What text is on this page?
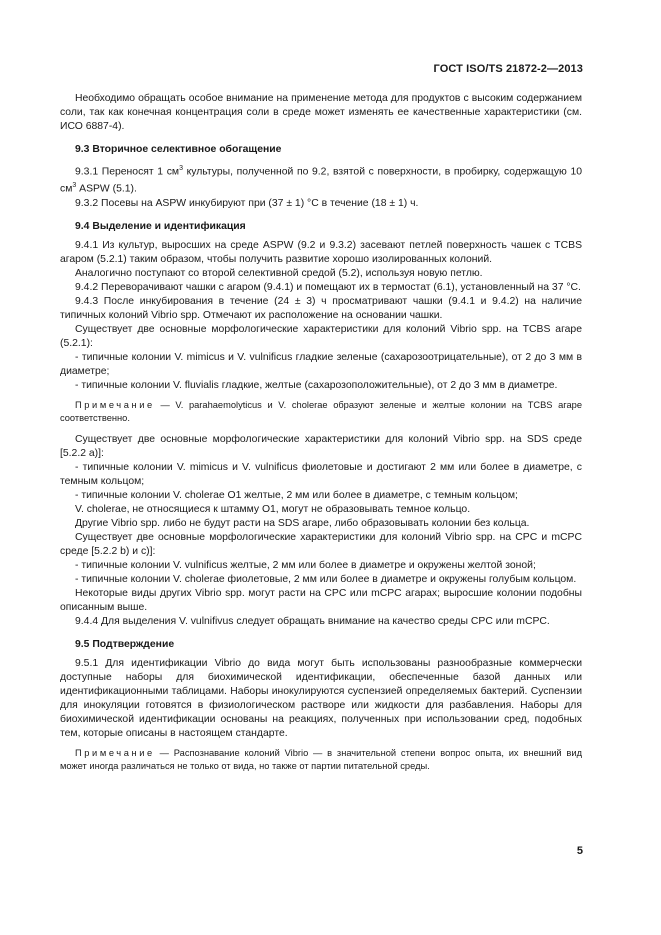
ГОСТ ISO/TS 21872-2—2013

Необходимо обращать особое внимание на применение метода для продуктов с высоким содержанием соли, так как конечная концентрация соли в среде может изменять ее качественные характеристики (см. ИСО 6887-4).

9.3 Вторичное селективное обогащение

9.3.1 Переносят 1 $см^3$ культуры, полученной по 9.2, взятой с поверхности, в пробирку, содержащую 10 $см^3$ ASPW (5.1).

9.3.2 Посевы на ASPW инкубируют при (37 ± 1) °С в течение (18 ± 1) ч.

9.4 Выделение и идентификация

9.4.1 Из культур, выросших на среде ASPW (9.2 и 9.3.2) засевают петлей поверхность чашек с TCBS агаром (5.2.1) таким образом, чтобы получить развитие хорошо изолированных колоний.

Аналогично поступают со второй селективной средой (5.2), используя новую петлю.

9.4.2 Переворачивают чашки с агаром (9.4.1) и помещают их в термостат (6.1), установленный на 37 °С.

9.4.3 После инкубирования в течение (24 ± 3) ч просматривают чашки (9.4.1 и 9.4.2) на наличие типичных колоний Vibrio spp. Отмечают их расположение на основании чашки.

Существует две основные морфологические характеристики для колоний Vibrio spp. на TCBS агаре (5.2.1):

- типичные колонии V. mimicus и V. vulnificus гладкие зеленые (сахарозоотрицательные), от 2 до 3 мм в диаметре;

- типичные колонии V. fluvialis гладкие, желтые (сахарозоположительные), от 2 до 3 мм в диаметре.

Примечание — V. parahaemolyticus и V. cholerae образуют зеленые и желтые колонии на TCBS агаре соответственно.

Существует две основные морфологические характеристики для колоний Vibrio spp. на SDS среде [5.2.2 а)]:

- типичные колонии V. mimicus и V. vulnificus фиолетовые и достигают 2 мм или более в диаметре, с темным кольцом;

- типичные колонии V. cholerae O1 желтые, 2 мм или более в диаметре, с темным кольцом;

V. cholerae, не относящиеся к штамму O1, могут не образовывать темное кольцо.

Другие Vibrio spp. либо не будут расти на SDS агаре, либо образовывать колонии без кольца.

Существует две основные морфологические характеристики для колоний Vibrio spp. на CPC и mCPC среде [5.2.2 b) и c)]:

- типичные колонии V. vulnificus желтые, 2 мм или более в диаметре и окружены желтой зоной;

- типичные колонии V. cholerae фиолетовые, 2 мм или более в диаметре и окружены голубым кольцом.

Некоторые виды других Vibrio spp. могут расти на CPC или mCPC агарах; выросшие колонии подобны описанным выше.

9.4.4 Для выделения V. vulnifivus следует обращать внимание на качество среды CPC или mCPC.

9.5 Подтверждение

9.5.1 Для идентификации Vibrio до вида могут быть использованы разнообразные коммерчески доступные наборы для биохимической идентификации, обеспеченные базой данных или идентификационными таблицами. Наборы инокулируются суспензией определяемых бактерий. Суспензии для инокуляции готовятся в физиологическом растворе или жидкости для разбавления. Наборы для биохимической идентификации основаны на реакциях, полученных при использовании сред, подобных тем, которые описаны в настоящем стандарте.

Примечание — Распознавание колоний Vibrio — в значительной степени вопрос опыта, их внешний вид может иногда различаться не только от вида, но также от партии питательной среды.

5
